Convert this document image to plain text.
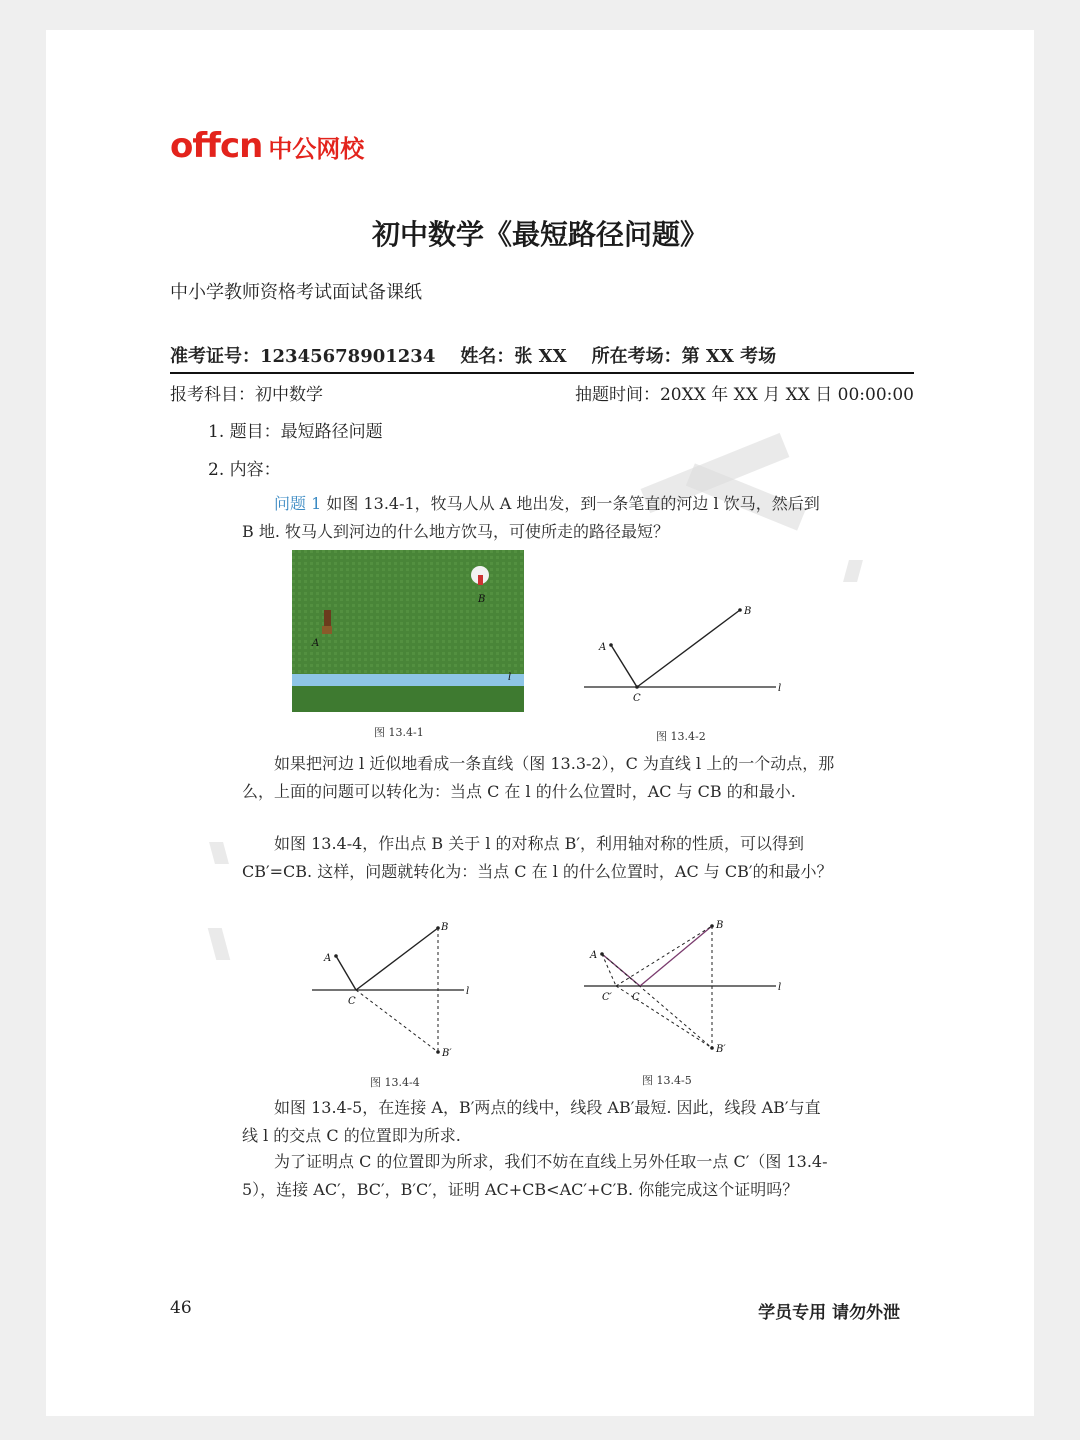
offcn 中公网校
初中数学《最短路径问题》
中小学教师资格考试面试备课纸
准考证号：12345678901234    姓名：张 XX    所在考场：第 XX 考场
报考科目：初中数学	抽题时间：20XX 年 XX 月 XX 日 00:00:00
1. 题目：最短路径问题
2. 内容：
问题 1 如图 13.4-1，牧马人从 A 地出发，到一条笔直的河边 l 饮马，然后到 B 地. 牧马人到河边的什么地方饮马，可使所走的路径最短？
A
B
l
图 13.4-1
A
B
C
l
图 13.4-2
如果把河边 l 近似地看成一条直线（图 13.3-2），C 为直线 l 上的一个动点，那么，上面的问题可以转化为：当点 C 在 l 的什么位置时，AC 与 CB 的和最小.
如图 13.4-4，作出点 B 关于 l 的对称点 B′，利用轴对称的性质，可以得到 CB′=CB. 这样，问题就转化为：当点 C 在 l 的什么位置时，AC 与 CB′的和最小？
A
B
C
B′
l
图 13.4-4
A
B
C′ C
B′
l
图 13.4-5
如图 13.4-5，在连接 A，B′两点的线中，线段 AB′最短. 因此，线段 AB′与直线 l 的交点 C 的位置即为所求.
为了证明点 C 的位置即为所求，我们不妨在直线上另外任取一点 C′（图 13.4-5），连接 AC′，BC′，B′C′，证明 AC+CB<AC′+C′B. 你能完成这个证明吗？
46	学员专用 请勿外泄
